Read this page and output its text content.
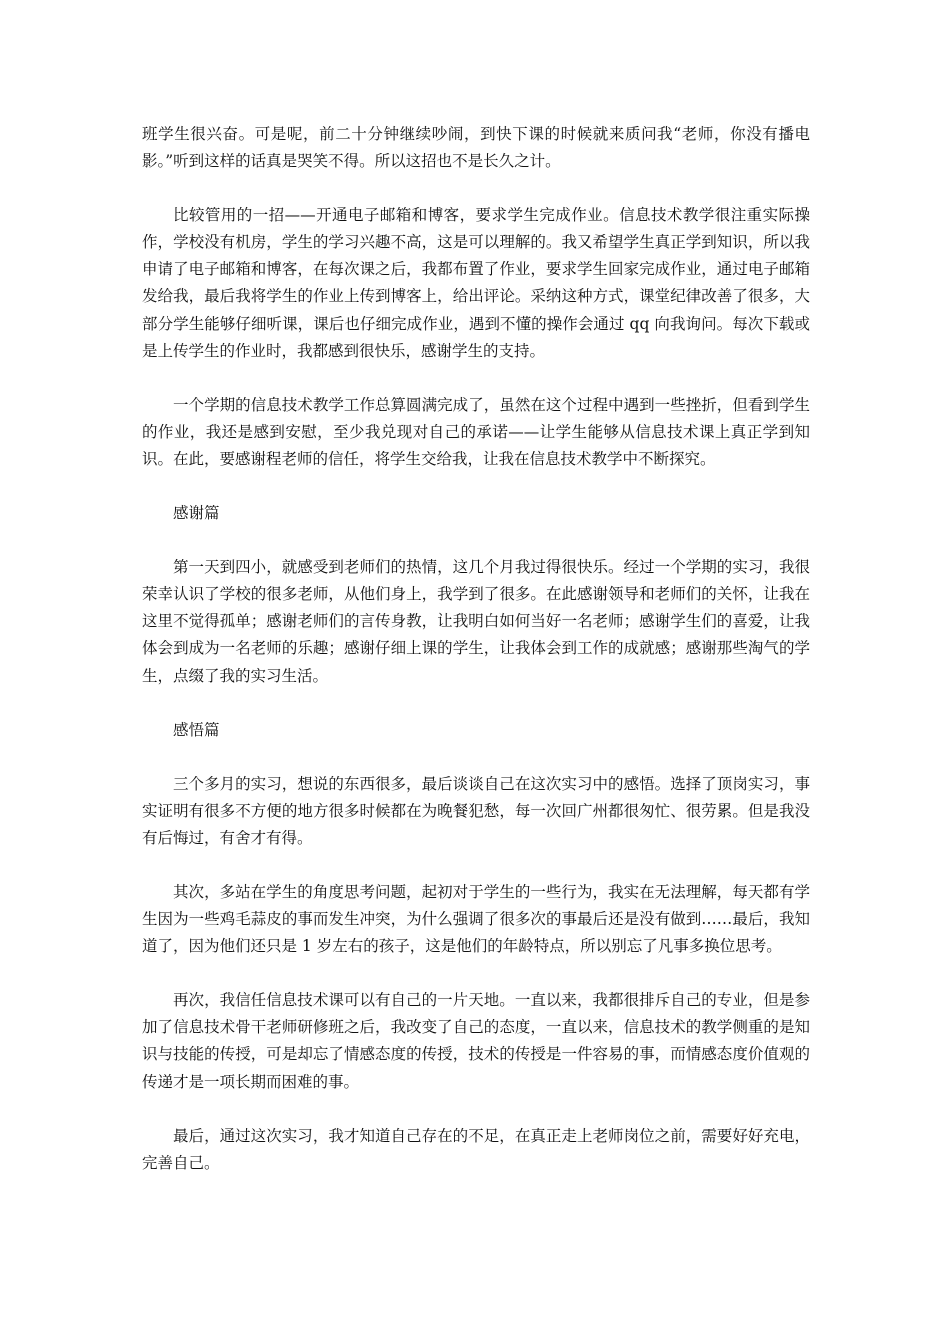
班学生很兴奋。可是呢，前二十分钟继续吵闹，到快下课的时候就来质问我“老师，你没有播电影。”听到这样的话真是哭笑不得。所以这招也不是长久之计。

比较管用的一招——开通电子邮箱和博客，要求学生完成作业。信息技术教学很注重实际操作，学校没有机房，学生的学习兴趣不高，这是可以理解的。我又希望学生真正学到知识，所以我申请了电子邮箱和博客，在每次课之后，我都布置了作业，要求学生回家完成作业，通过电子邮箱发给我，最后我将学生的作业上传到博客上，给出评论。采纳这种方式，课堂纪律改善了很多，大部分学生能够仔细听课，课后也仔细完成作业，遇到不懂的操作会通过 qq 向我询问。每次下载或是上传学生的作业时，我都感到很快乐，感谢学生的支持。

一个学期的信息技术教学工作总算圆满完成了，虽然在这个过程中遇到一些挫折，但看到学生的作业，我还是感到安慰，至少我兑现对自己的承诺——让学生能够从信息技术课上真正学到知识。在此，要感谢程老师的信任，将学生交给我，让我在信息技术教学中不断探究。

感谢篇

第一天到四小，就感受到老师们的热情，这几个月我过得很快乐。经过一个学期的实习，我很荣幸认识了学校的很多老师，从他们身上，我学到了很多。在此感谢领导和老师们的关怀，让我在这里不觉得孤单；感谢老师们的言传身教，让我明白如何当好一名老师；感谢学生们的喜爱，让我体会到成为一名老师的乐趣；感谢仔细上课的学生，让我体会到工作的成就感；感谢那些淘气的学生，点缀了我的实习生活。

感悟篇

三个多月的实习，想说的东西很多，最后谈谈自己在这次实习中的感悟。选择了顶岗实习，事实证明有很多不方便的地方很多时候都在为晚餐犯愁，每一次回广州都很匆忙、很劳累。但是我没有后悔过，有舍才有得。

其次，多站在学生的角度思考问题，起初对于学生的一些行为，我实在无法理解，每天都有学生因为一些鸡毛蒜皮的事而发生冲突，为什么强调了很多次的事最后还是没有做到……最后，我知道了，因为他们还只是 1 岁左右的孩子，这是他们的年龄特点，所以别忘了凡事多换位思考。

再次，我信任信息技术课可以有自己的一片天地。一直以来，我都很排斥自己的专业，但是参加了信息技术骨干老师研修班之后，我改变了自己的态度，一直以来，信息技术的教学侧重的是知识与技能的传授，可是却忘了情感态度的传授，技术的传授是一件容易的事，而情感态度价值观的传递才是一项长期而困难的事。

最后，通过这次实习，我才知道自己存在的不足，在真正走上老师岗位之前，需要好好充电，完善自己。
